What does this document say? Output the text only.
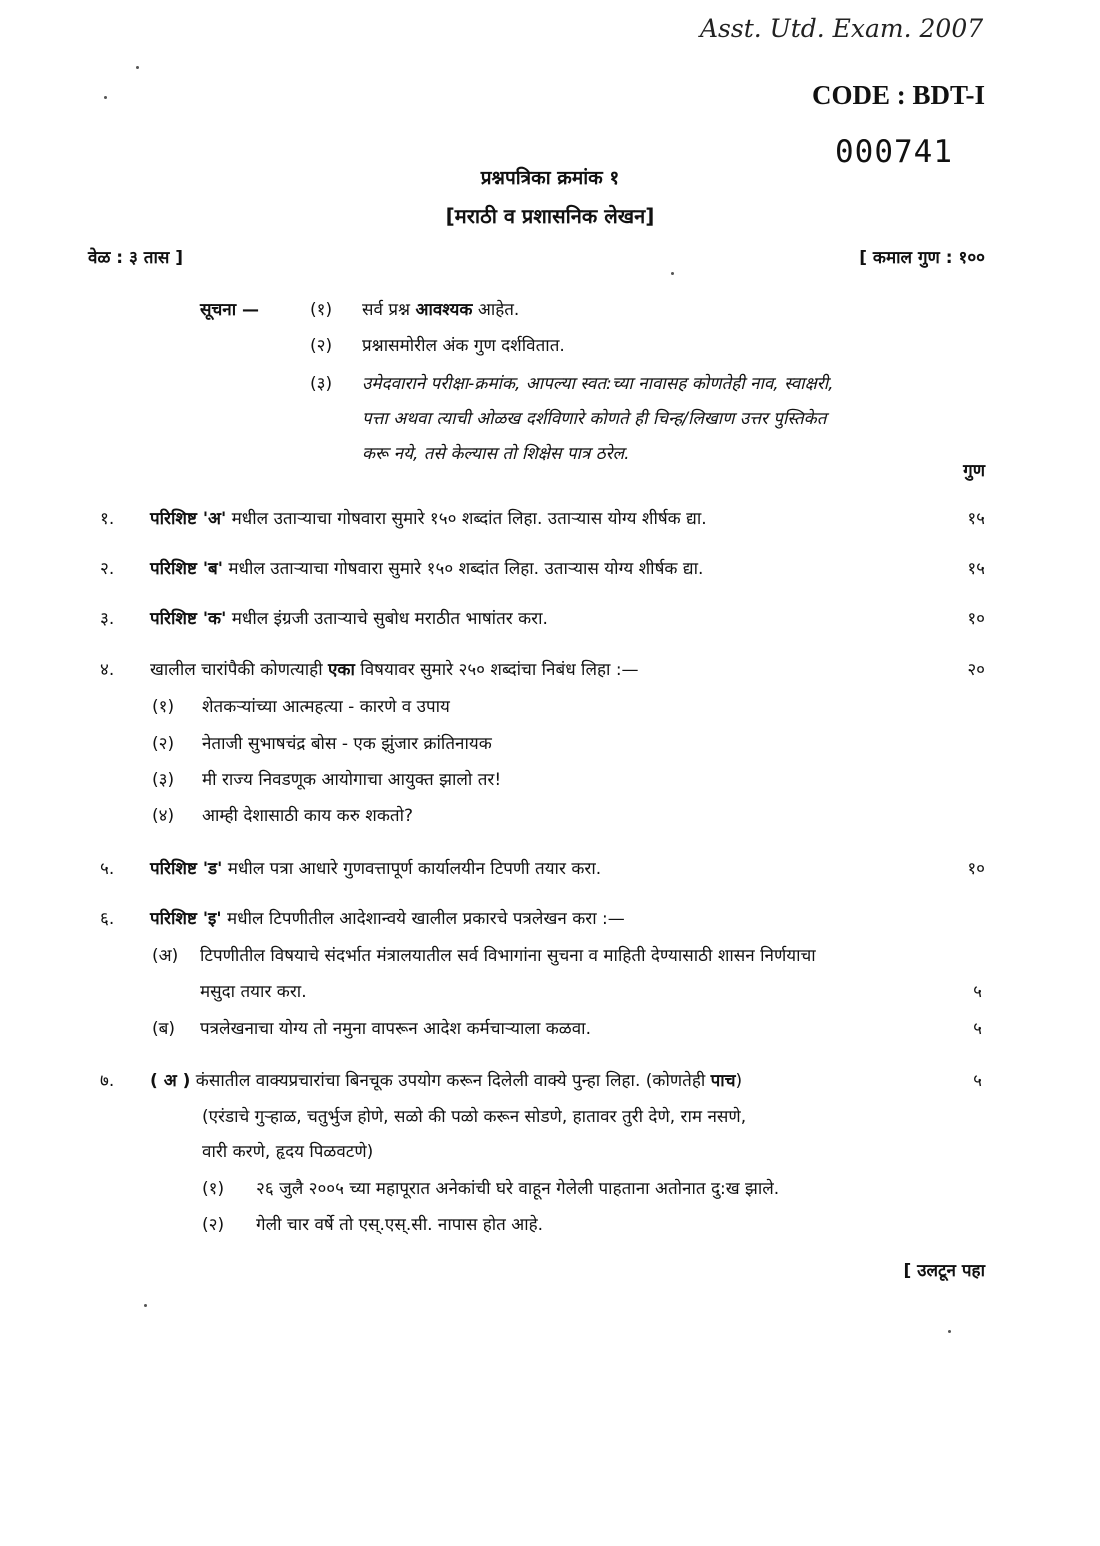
Asst. Utd. Exam. 2007
CODE : BDT-I
000741
प्रश्नपत्रिका क्रमांक १
[मराठी व प्रशासनिक लेखन]
वेळ : ३ तास ]	[ कमाल गुण : १००
सूचना —	(१) सर्व प्रश्न आवश्यक आहेत.
(२) प्रश्नासमोरील अंक गुण दर्शवितात.
(३) उमेदवाराने परीक्षा-क्रमांक, आपल्या स्वत:च्या नावासह कोणतेही नाव, स्वाक्षरी,
पत्ता अथवा त्याची ओळख दर्शविणारे कोणते ही चिन्ह/लिखाण उत्तर पुस्तिकेत
करू नये, तसे केल्यास तो शिक्षेस पात्र ठरेल.
गुण
१. परिशिष्ट 'अ' मधील उताऱ्याचा गोषवारा सुमारे १५० शब्दांत लिहा. उताऱ्यास योग्य शीर्षक द्या.	१५
२. परिशिष्ट 'ब' मधील उताऱ्याचा गोषवारा सुमारे १५० शब्दांत लिहा. उताऱ्यास योग्य शीर्षक द्या.	१५
३. परिशिष्ट 'क' मधील इंग्रजी उताऱ्याचे सुबोध मराठीत भाषांतर करा.	१०
४. खालील चारांपैकी कोणत्याही एका विषयावर सुमारे २५० शब्दांचा निबंध लिहा :—	२०
(१) शेतकऱ्यांच्या आत्महत्या - कारणे व उपाय
(२) नेताजी सुभाषचंद्र बोस - एक झुंजार क्रांतिनायक
(३) मी राज्य निवडणूक आयोगाचा आयुक्त झालो तर!
(४) आम्ही देशासाठी काय करु शकतो?
५. परिशिष्ट 'ड' मधील पत्रा आधारे गुणवत्तापूर्ण कार्यालयीन टिपणी तयार करा.	१०
६. परिशिष्ट 'इ' मधील टिपणीतील आदेशान्वये खालील प्रकारचे पत्रलेखन करा :—
(अ) टिपणीतील विषयाचे संदर्भात मंत्रालयातील सर्व विभागांना सुचना व माहिती देण्यासाठी शासन निर्णयाचा
मसुदा तयार करा.	५
(ब) पत्रलेखनाचा योग्य तो नमुना वापरून आदेश कर्मचाऱ्याला कळवा.	५
७. ( अ ) कंसातील वाक्यप्रचारांचा बिनचूक उपयोग करून दिलेली वाक्ये पुन्हा लिहा. (कोणतेही पाच)	५
(एरंडाचे गुऱ्हाळ, चतुर्भुज होणे, सळो की पळो करून सोडणे, हातावर तुरी देणे, राम नसणे,
वारी करणे, हृदय पिळवटणे)
(१) २६ जुलै २००५ च्या महापूरात अनेकांची घरे वाहून गेलेली पाहताना अतोनात दु:ख झाले.
(२) गेली चार वर्षे तो एस्.एस्.सी. नापास होत आहे.
[ उलटून पहा
